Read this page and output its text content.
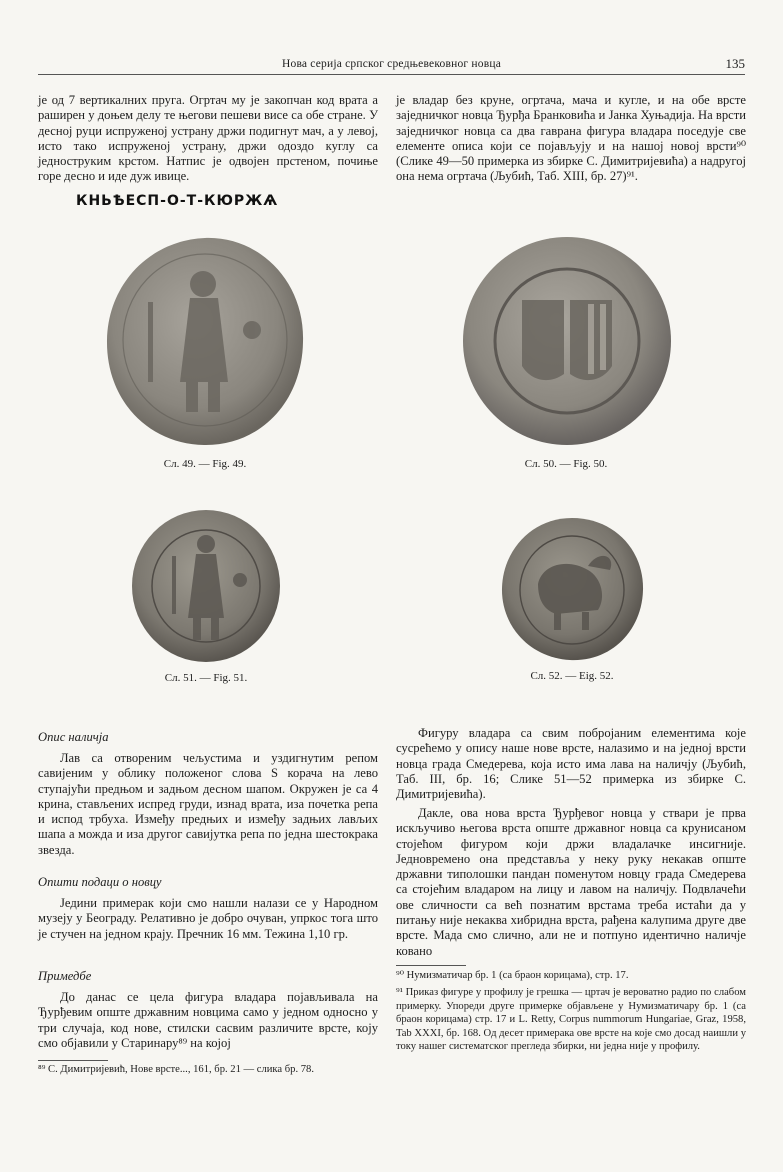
Нова серија српског средњевековног новца	135

је од 7 вертикалних пруга. Огртач му је закопчан код врата а раширен у доњем делу те његови пешеви висе са обе стране. У десној руци испруженој устрану држи подигнут мач, а у левој, исто тако испруженој устрану, држи одоздо куглу са једноструким крстом. Натпис је одвојен прстеном, почиње горе десно и иде дуж ивице.

КНЬѢЕСП-О-Т-КЮРЖѦ

је владар без круне, огртача, мача и кугле, и на обе врсте заједничког новца Ђурђа Бранковића и Јанка Хуњадија. На врсти заједничког новца са два гаврана фигура владара поседује све елементе описа који се појављују и на нашој новој врсти⁹⁰ (Слике 49—50 примерка из збирке С. Димитријевића) а надругој она нема огртача (Љубић, Таб. XIII, бр. 27)⁹¹.

Сл. 49. — Fig. 49.	Сл. 50. — Fig. 50.
Сл. 51. — Fig. 51.	Сл. 52. — Eig. 52.

Опис наличја

Лав са отвореним чељустима и уздигнутим репом савијеним у облику положеног слова S корача на лево ступајући предњом и задњом десном шапом. Окружен је са 4 крина, стављених испред груди, изнад врата, иза почетка репа и испод трбуха. Између предњих и између задњих лављих шапа а можда и иза другог савијутка репа по једна шестокрака звезда.

Општи подаци о новцу

Једини примерак који смо нашли налази се у Народном музеју у Београду. Релативно је добро очуван, упркос тога што је стучен на једном крају. Пречник 16 мм. Тежина 1,10 гр.

Примедбе

До данас се цела фигура владара појављивала на Ђурђевим опште државним новцима само у једном односно у три случаја, код нове, стилски сасвим различите врсте, коју смо објавили у Старинару⁸⁹ на којој

⁸⁹ С. Димитријевић, Нове врсте..., 161, бр. 21 — слика бр. 78.

Фигуру владара са свим побројаним елементима које сусрећемо у опису наше нове врсте, налазимо и на једној врсти новца града Смедерева, која исто има лава на наличју (Љубић, Таб. III, бр. 16; Слике 51—52 примерка из збирке С. Димитријевића).

Дакле, ова нова врста Ђурђевог новца у ствари је прва искључиво његова врста опште државног новца са крунисаном стојећом фигуром који држи владалачке инсигније. Једновремено она представља у неку руку некакав опште државни типолошки пандан поменутом новцу града Смедерева са стојећим владаром на лицу и лавом на наличју. Подвлачећи ове сличности са већ познатим врстама треба истаћи да у питању није некаква хибридна врста, рађена калупима друге две врсте. Мада смо слично, али не и потпуно идентично наличје ковано

⁹⁰ Нумизматичар бр. 1 (са браон корицама), стр. 17.

⁹¹ Приказ фигуре у профилу је грешка — цртач је вероватно радио по слабом примерку. Упореди друге примерке објављене у Нумизматичару бр. 1 (са браон корицама) стр. 17 и L. Retty, Corpus nummorum Hungariae, Graz, 1958, Tab XXXI, бр. 168. Од десет примерака ове врсте на које смо досад наишли у току нашег систематског прегледа збирки, ни једна није у профилу.
